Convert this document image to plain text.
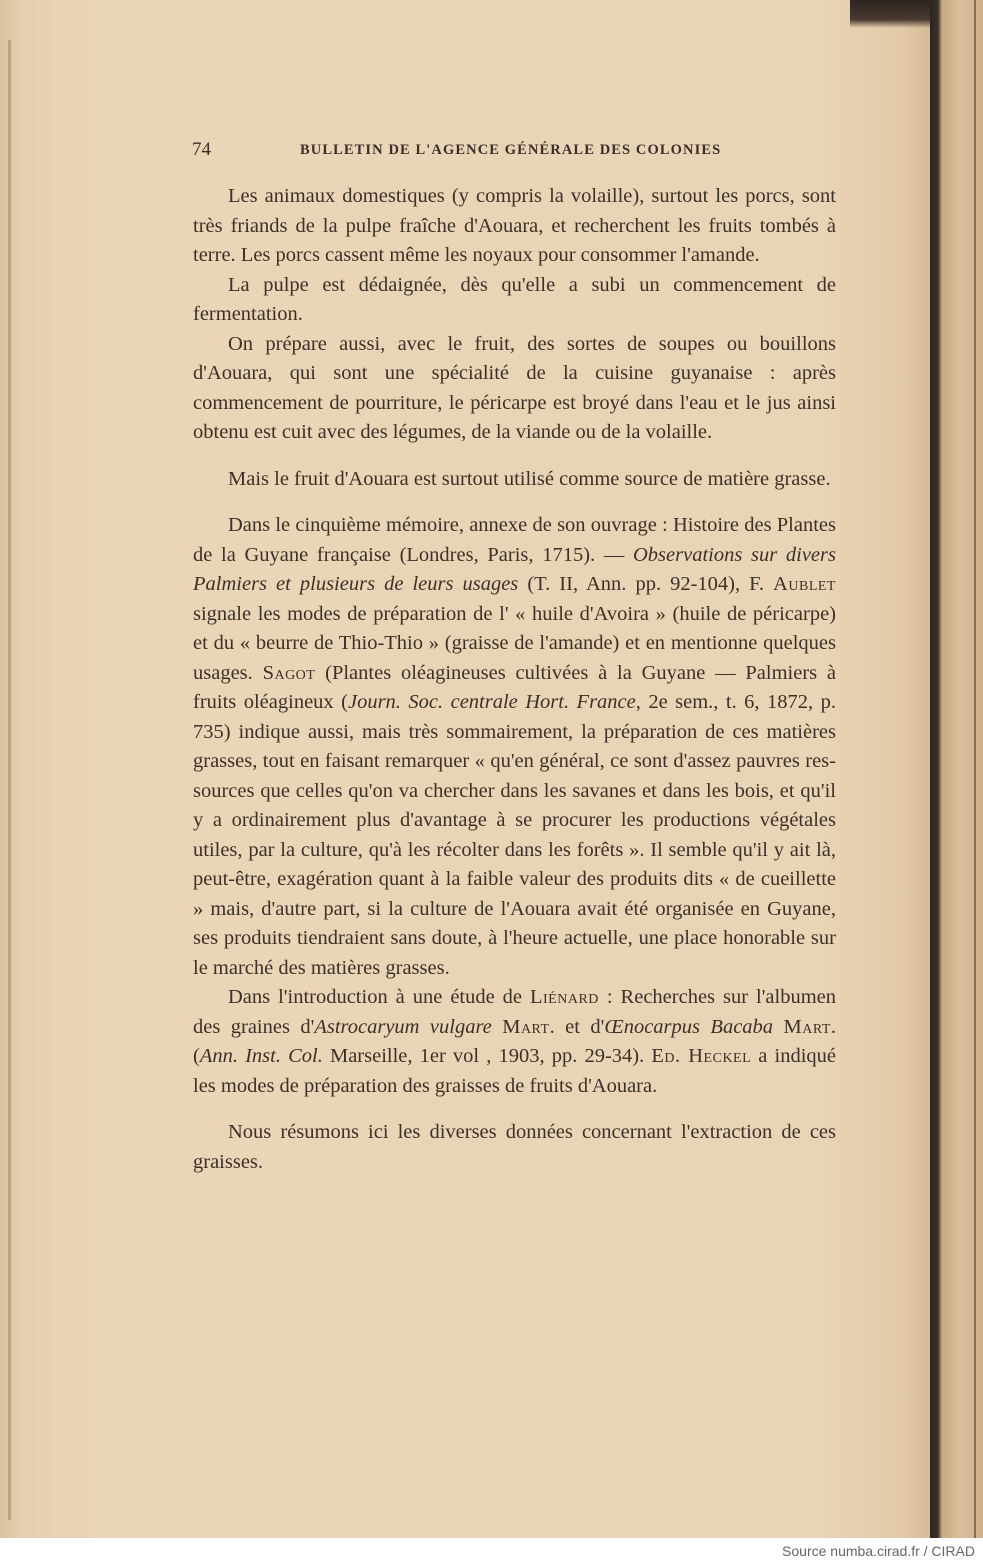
74	BULLETIN DE L'AGENCE GÉNÉRALE DES COLONIES

Les animaux domestiques (y compris la volaille), surtout les porcs, sont très friands de la pulpe fraîche d'Aouara, et recherchent les fruits tombés à terre. Les porcs cassent même les noyaux pour consommer l'amande.

La pulpe est dédaignée, dès qu'elle a subi un commencement de fermentation.

On prépare aussi, avec le fruit, des sortes de soupes ou bouillons d'Aouara, qui sont une spécialité de la cuisine guyanaise : après commencement de pourriture, le péricarpe est broyé dans l'eau et le jus ainsi obtenu est cuit avec des légumes, de la viande ou de la volaille.

Mais le fruit d'Aouara est surtout utilisé comme source de matière grasse.

Dans le cinquième mémoire, annexe de son ouvrage : Histoire des Plantes de la Guyane française (Londres, Paris, 1715). — Observations sur divers Palmiers et plusieurs de leurs usages (T. II, Ann. pp. 92-104), F. Aublet signale les modes de préparation de l' « huile d'Avoira » (huile de péricarpe) et du « beurre de Thio-Thio » (graisse de l'amande) et en mentionne quelques usages. Sagot (Plantes oléagineuses cultivées à la Guyane — Palmiers à fruits oléagineux (Journ. Soc. centrale Hort. France, 2e sem., t. 6, 1872, p. 735) indique aussi, mais très sommairement, la préparation de ces matières grasses, tout en faisant remarquer « qu'en général, ce sont d'assez pauvres ressources que celles qu'on va chercher dans les savanes et dans les bois, et qu'il y a ordinairement plus d'avantage à se procurer les productions végétales utiles, par la culture, qu'à les récolter dans les forêts ». Il semble qu'il y ait là, peut-être, exagération quant à la faible valeur des produits dits « de cueillette » mais, d'autre part, si la culture de l'Aouara avait été organisée en Guyane, ses produits tiendraient sans doute, à l'heure actuelle, une place honorable sur le marché des matières grasses.

Dans l'introduction à une étude de Liénard : Recherches sur l'albumen des graines d'Astrocaryum vulgare Mart. et d'Œnocarpus Bacaba Mart. (Ann. Inst. Col. Marseille, 1er vol , 1903, pp. 29-34). Ed. Heckel a indiqué les modes de préparation des graisses de fruits d'Aouara.

Nous résumons ici les diverses données concernant l'extraction de ces graisses.

Source numba.cirad.fr / CIRAD
